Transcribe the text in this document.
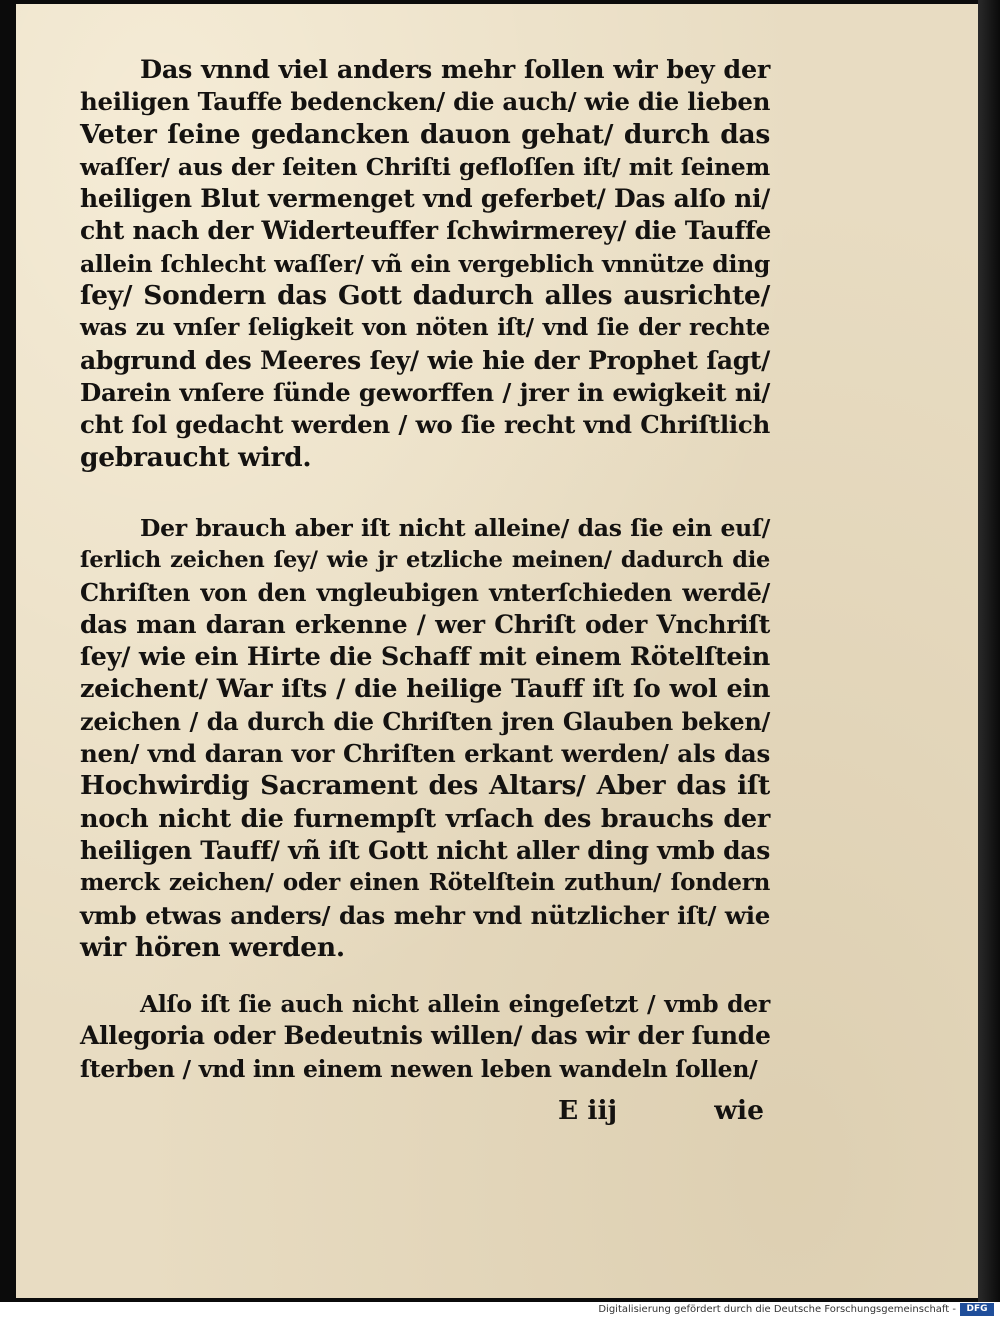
Das vnnd viel anders mehr ſollen wir bey der
heiligen Tauffe bedencken/ die auch/ wie die lieben
Veter ſeine gedancken dauon gehat/ durch das
waſſer/ aus der ſeiten Chriſti gefloſſen iſt/ mit ſeinem
heiligen Blut vermenget vnd geferbet/ Das alſo ni/
cht nach der Widerteuffer ſchwirmerey/ die Tauffe
allein ſchlecht waſſer/ vñ ein vergeblich vnnütze ding
ſey/ Sondern das Gott dadurch alles ausrichte/
was zu vnſer ſeligkeit von nöten iſt/ vnd ſie der rechte
abgrund des Meeres ſey/ wie hie der Prophet ſagt/
Darein vnſere ſünde geworffen / jrer in ewigkeit ni/
cht ſol gedacht werden / wo ſie recht vnd Chriſtlich
gebraucht wird.
Der brauch aber iſt nicht alleine/ das ſie ein euſ/
ſerlich zeichen ſey/ wie jr etzliche meinen/ dadurch die
Chriſten von den vngleubigen vnterſchieden werdē/
das man daran erkenne / wer Chriſt oder Vnchriſt
ſey/ wie ein Hirte die Schaff mit einem Rötelſtein
zeichent/ War iſts / die heilige Tauff iſt ſo wol ein
zeichen / da durch die Chriſten jren Glauben beken/
nen/ vnd daran vor Chriſten erkant werden/ als das
Hochwirdig Sacrament des Altars/ Aber das iſt
noch nicht die furnempſt vrſach des brauchs der
heiligen Tauff/ vñ iſt Gott nicht aller ding vmb das
merck zeichen/ oder einen Rötelſtein zuthun/ ſondern
vmb etwas anders/ das mehr vnd nützlicher iſt/ wie
wir hören werden.
Alſo iſt ſie auch nicht allein eingeſetzt / vmb der
Allegoria oder Bedeutnis willen/ das wir der ſunde
ſterben / vnd inn einem newen leben wandeln ſollen/
E iij	wie
Digitalisierung gefördert durch die Deutsche Forschungsgemeinschaft -	DFG
